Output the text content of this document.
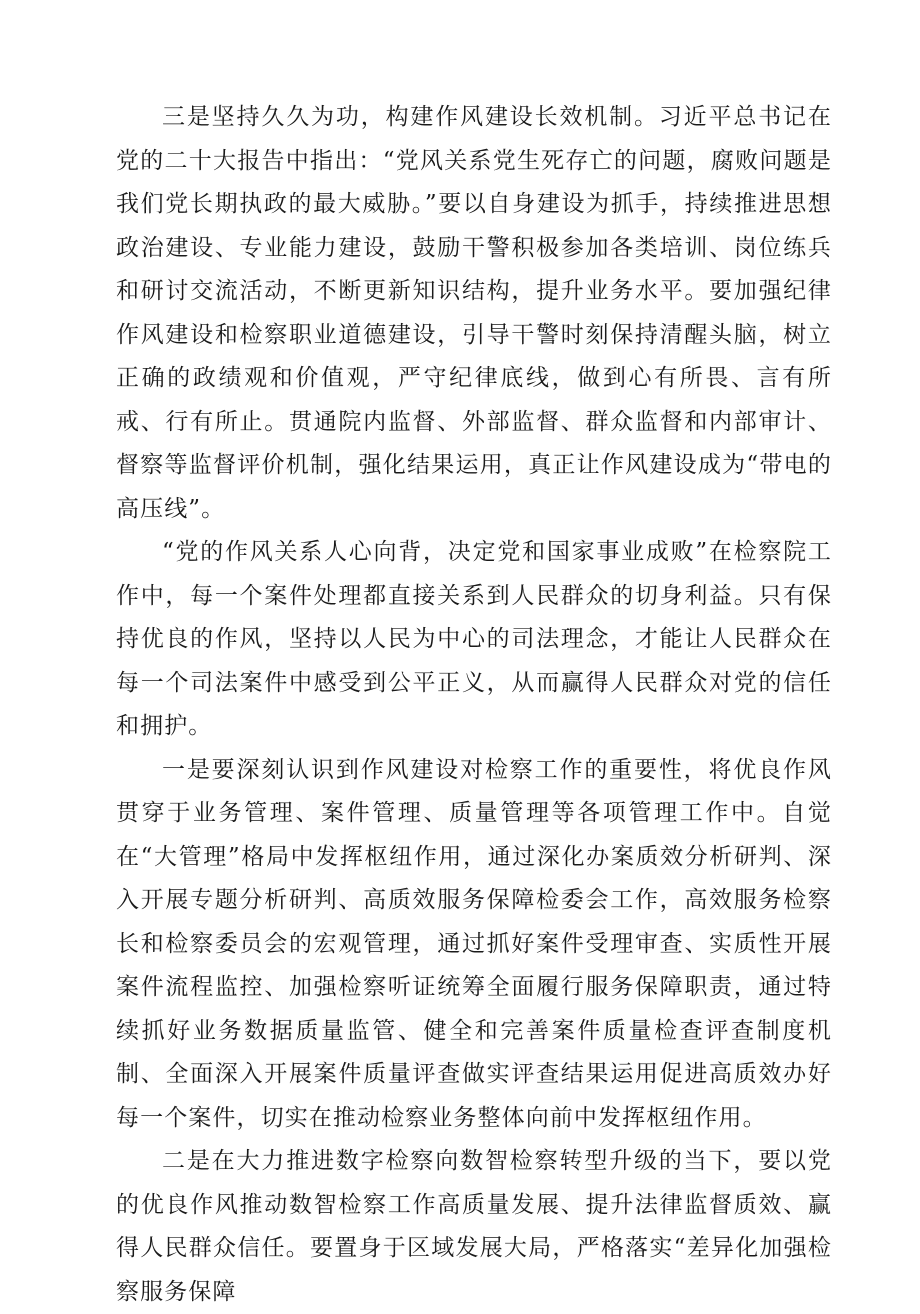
三是坚持久久为功，构建作风建设长效机制。习近平总书记在党的二十大报告中指出：“党风关系党生死存亡的问题，腐败问题是我们党长期执政的最大威胁。”要以自身建设为抓手，持续推进思想政治建设、专业能力建设，鼓励干警积极参加各类培训、岗位练兵和研讨交流活动，不断更新知识结构，提升业务水平。要加强纪律作风建设和检察职业道德建设，引导干警时刻保持清醒头脑，树立正确的政绩观和价值观，严守纪律底线，做到心有所畏、言有所戒、行有所止。贯通院内监督、外部监督、群众监督和内部审计、督察等监督评价机制，强化结果运用，真正让作风建设成为“带电的高压线”。

“党的作风关系人心向背，决定党和国家事业成败”在检察院工作中，每一个案件处理都直接关系到人民群众的切身利益。只有保持优良的作风，坚持以人民为中心的司法理念，才能让人民群众在每一个司法案件中感受到公平正义，从而赢得人民群众对党的信任和拥护。

一是要深刻认识到作风建设对检察工作的重要性，将优良作风贯穿于业务管理、案件管理、质量管理等各项管理工作中。自觉在“大管理”格局中发挥枢纽作用，通过深化办案质效分析研判、深入开展专题分析研判、高质效服务保障检委会工作，高效服务检察长和检察委员会的宏观管理，通过抓好案件受理审查、实质性开展案件流程监控、加强检察听证统筹全面履行服务保障职责，通过特续抓好业务数据质量监管、健全和完善案件质量检查评查制度机制、全面深入开展案件质量评查做实评查结果运用促进高质效办好每一个案件，切实在推动检察业务整体向前中发挥枢纽作用。

二是在大力推进数字检察向数智检察转型升级的当下，要以党的优良作风推动数智检察工作高质量发展、提升法律监督质效、赢得人民群众信任。要置身于区域发展大局，严格落实“差异化加强检察服务保障
